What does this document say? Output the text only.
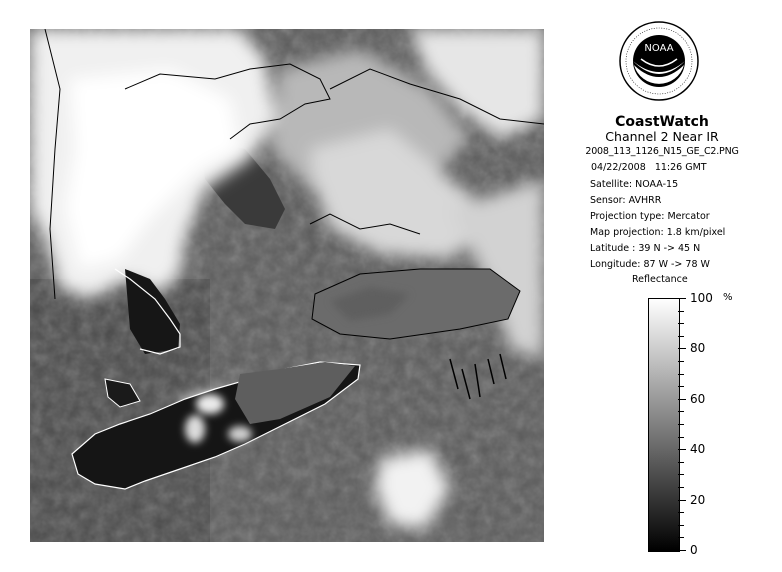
NOAA
CoastWatch
Channel 2 Near IR
2008_113_1126_N15_GE_C2.PNG
04/22/2008 11:26 GMT
Satellite: NOAA-15
Sensor: AVHRR
Projection type: Mercator
Map projection: 1.8 km/pixel
Latitude : 39 N -> 45 N
Longitude: 87 W -> 78 W
Reflectance
%
100
80
60
40
20
0
